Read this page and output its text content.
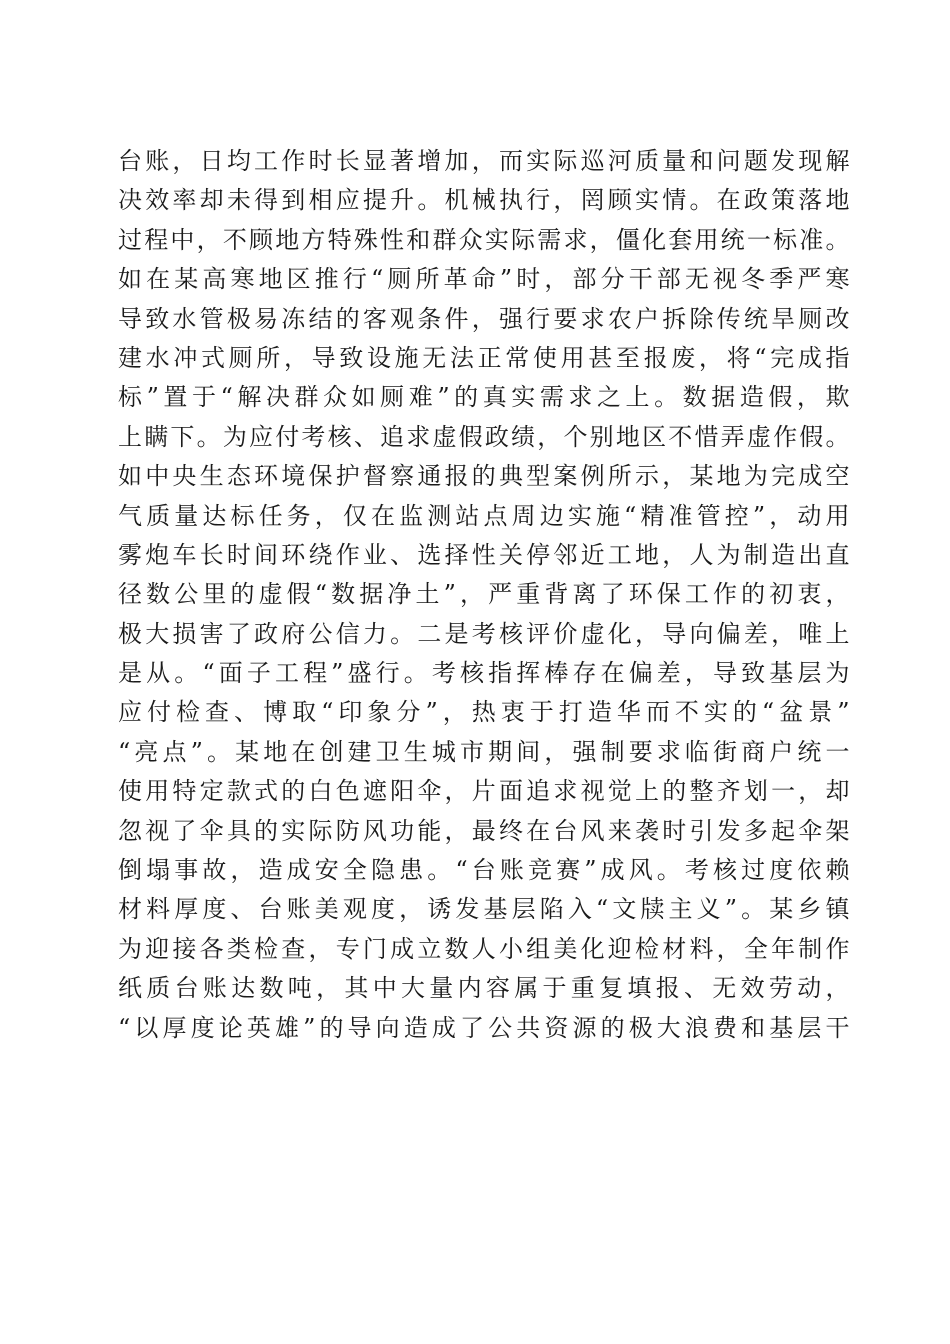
台账，日均工作时长显著增加，而实际巡河质量和问题发现解
决效率却未得到相应提升。机械执行，罔顾实情。在政策落地
过程中，不顾地方特殊性和群众实际需求，僵化套用统一标准。
如在某高寒地区推行“厕所革命”时，部分干部无视冬季严寒
导致水管极易冻结的客观条件，强行要求农户拆除传统旱厕改
建水冲式厕所，导致设施无法正常使用甚至报废，将“完成指
标”置于“解决群众如厕难”的真实需求之上。数据造假，欺
上瞒下。为应付考核、追求虚假政绩，个别地区不惜弄虚作假。
如中央生态环境保护督察通报的典型案例所示，某地为完成空
气质量达标任务，仅在监测站点周边实施“精准管控”，动用
雾炮车长时间环绕作业、选择性关停邻近工地，人为制造出直
径数公里的虚假“数据净土”，严重背离了环保工作的初衷，
极大损害了政府公信力。二是考核评价虚化，导向偏差，唯上
是从。“面子工程”盛行。考核指挥棒存在偏差，导致基层为
应付检查、博取“印象分”，热衷于打造华而不实的“盆景”
“亮点”。某地在创建卫生城市期间，强制要求临街商户统一
使用特定款式的白色遮阳伞，片面追求视觉上的整齐划一，却
忽视了伞具的实际防风功能，最终在台风来袭时引发多起伞架
倒塌事故，造成安全隐患。“台账竞赛”成风。考核过度依赖
材料厚度、台账美观度，诱发基层陷入“文牍主义”。某乡镇
为迎接各类检查，专门成立数人小组美化迎检材料，全年制作
纸质台账达数吨，其中大量内容属于重复填报、无效劳动，
“以厚度论英雄”的导向造成了公共资源的极大浪费和基层干
